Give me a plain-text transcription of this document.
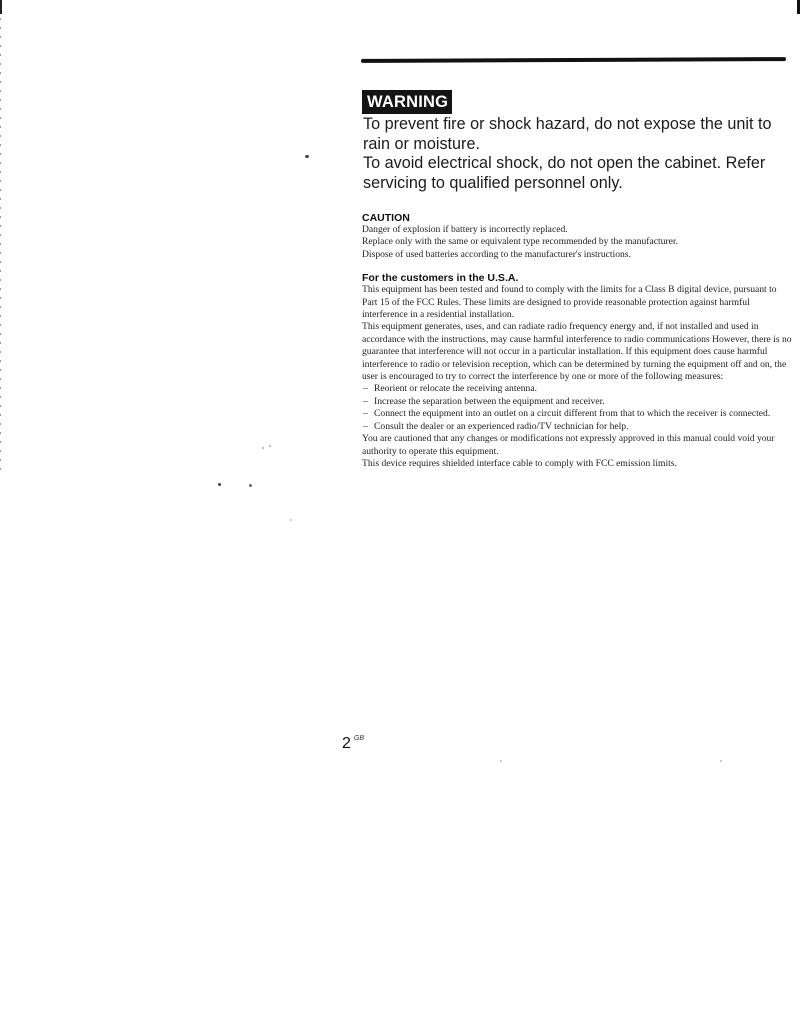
WARNING

To prevent fire or shock hazard, do not expose the unit to rain or moisture.

To avoid electrical shock, do not open the cabinet. Refer servicing to qualified personnel only.

CAUTION

Danger of explosion if battery is incorrectly replaced.

Replace only with the same or equivalent type recommended by the manufacturer.

Dispose of used batteries according to the manufacturer's instructions.

For the customers in the U.S.A.

This equipment has been tested and found to comply with the limits for a Class B digital device, pursuant to Part 15 of the FCC Rules. These limits are designed to provide reasonable protection against harmful interference in a residential installation.

This equipment generates, uses, and can radiate radio frequency energy and, if not installed and used in accordance with the instructions, may cause harmful interference to radio communications However, there is no guarantee that interference will not occur in a particular installation. If this equipment does cause harmful interference to radio or television reception, which can be determined by turning the equipment off and on, the user is encouraged to try to correct the interference by one or more of the following measures:

– Reorient or relocate the receiving antenna.
– Increase the separation between the equipment and receiver.
– Connect the equipment into an outlet on a circuit different from that to which the receiver is connected.
– Consult the dealer or an experienced radio/TV technician for help.

You are cautioned that any changes or modifications not expressly approved in this manual could void your authority to operate this equipment.

This device requires shielded interface cable to comply with FCC emission limits.

2 $^{GB}$
